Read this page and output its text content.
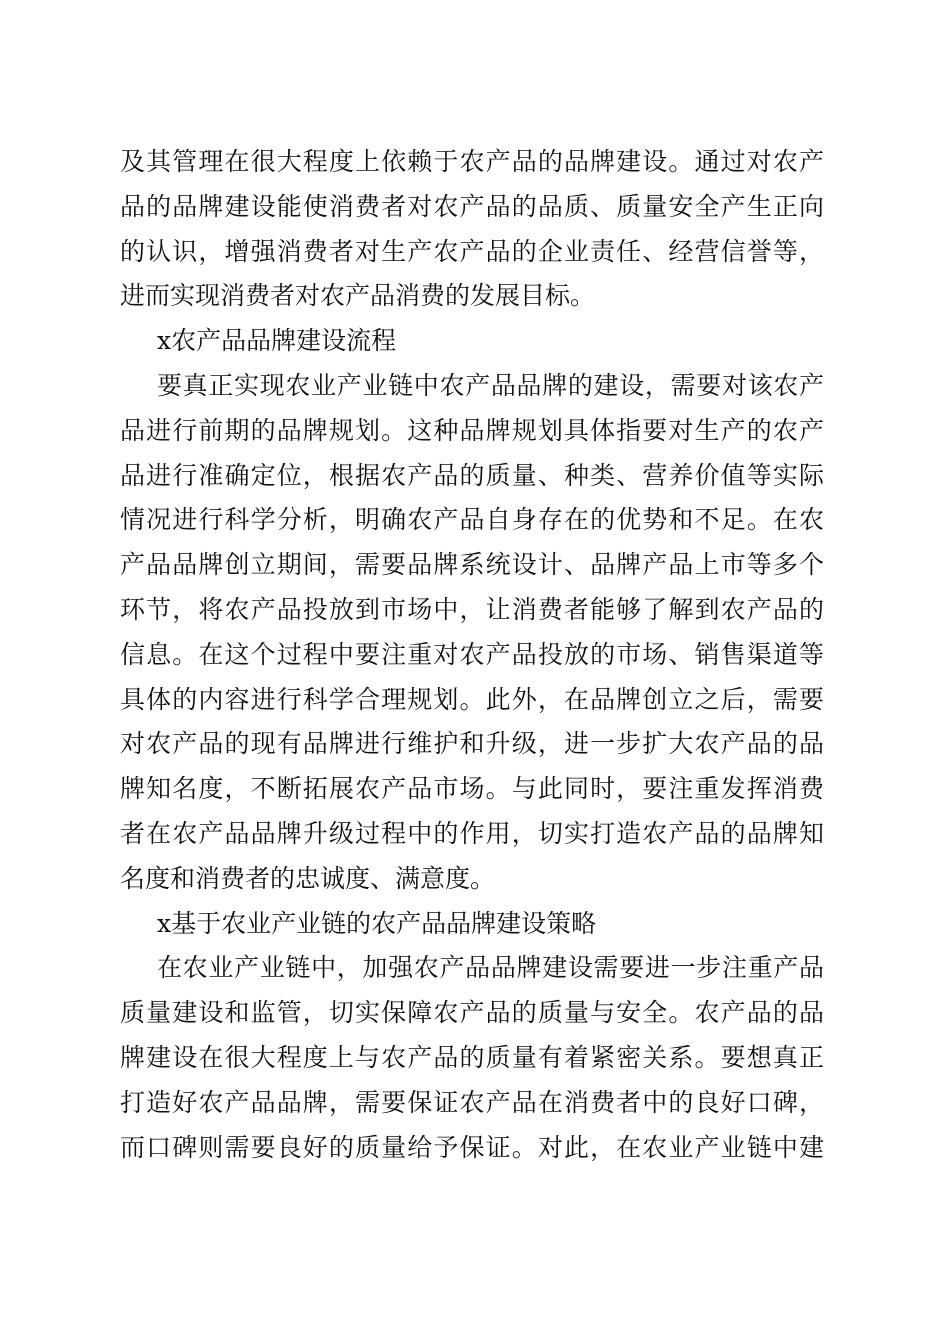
及其管理在很大程度上依赖于农产品的品牌建设。通过对农产
品的品牌建设能使消费者对农产品的品质、质量安全产生正向
的认识，增强消费者对生产农产品的企业责任、经营信誉等，
进而实现消费者对农产品消费的发展目标。
x农产品品牌建设流程
要真正实现农业产业链中农产品品牌的建设，需要对该农产
品进行前期的品牌规划。这种品牌规划具体指要对生产的农产
品进行准确定位，根据农产品的质量、种类、营养价值等实际
情况进行科学分析，明确农产品自身存在的优势和不足。在农
产品品牌创立期间，需要品牌系统设计、品牌产品上市等多个
环节，将农产品投放到市场中，让消费者能够了解到农产品的
信息。在这个过程中要注重对农产品投放的市场、销售渠道等
具体的内容进行科学合理规划。此外，在品牌创立之后，需要
对农产品的现有品牌进行维护和升级，进一步扩大农产品的品
牌知名度，不断拓展农产品市场。与此同时，要注重发挥消费
者在农产品品牌升级过程中的作用，切实打造农产品的品牌知
名度和消费者的忠诚度、满意度。
x基于农业产业链的农产品品牌建设策略
在农业产业链中，加强农产品品牌建设需要进一步注重产品
质量建设和监管，切实保障农产品的质量与安全。农产品的品
牌建设在很大程度上与农产品的质量有着紧密关系。要想真正
打造好农产品品牌，需要保证农产品在消费者中的良好口碑，
而口碑则需要良好的质量给予保证。对此，在农业产业链中建
